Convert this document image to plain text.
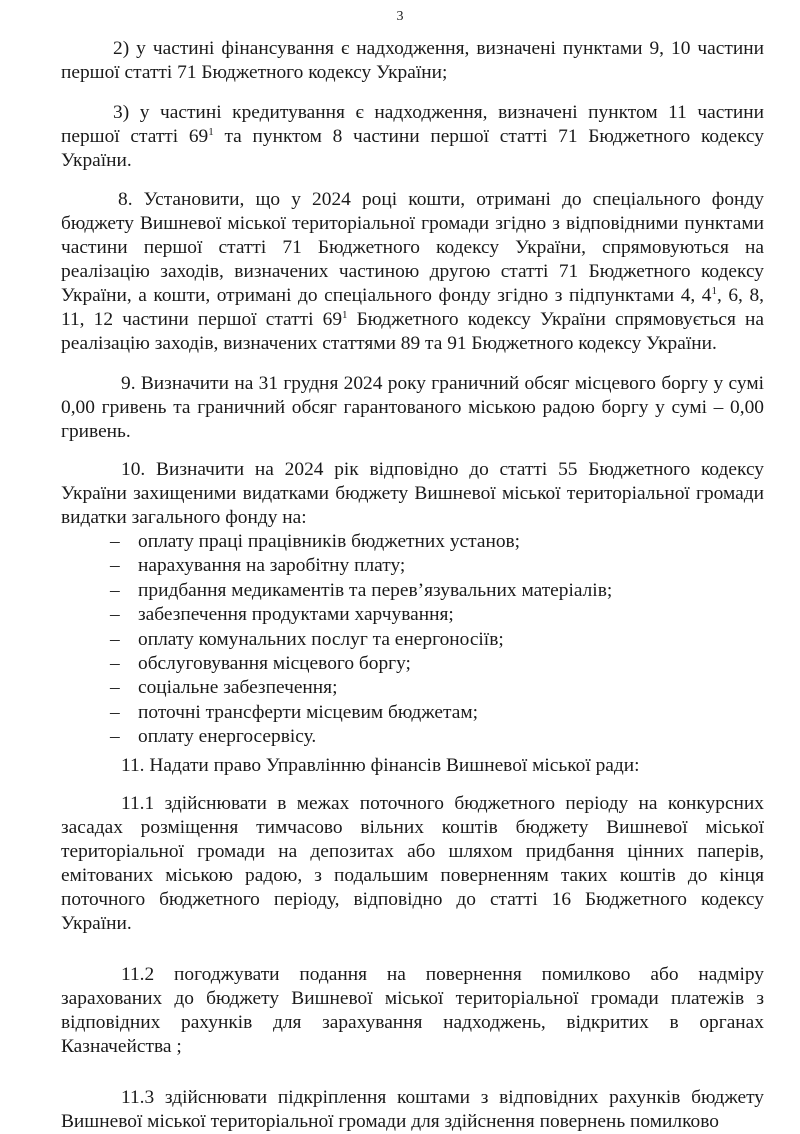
3

2) у частині фінансування є надходження, визначені пунктами 9, 10 частини першої статті 71 Бюджетного кодексу України;

3) у частині кредитування є надходження, визначені пунктом 11 частини першої статті $69^1$ та пунктом 8 частини першої статті 71 Бюджетного кодексу України.

8. Установити, що у 2024 році кошти, отримані до спеціального фонду бюджету Вишневої міської територіальної громади згідно з відповідними пунктами частини першої статті 71 Бюджетного кодексу України, спрямовуються на реалізацію заходів, визначених частиною другою статті 71 Бюджетного кодексу України, а кошти, отримані до спеціального фонду згідно з підпунктами 4, $4^1$, 6, 8, 11, 12 частини першої статті $69^1$ Бюджетного кодексу України спрямовується на реалізацію заходів, визначених статтями 89 та 91 Бюджетного кодексу України.

9. Визначити на 31 грудня 2024 року граничний обсяг місцевого боргу у сумі 0,00 гривень та граничний обсяг гарантованого міською радою боргу у сумі – 0,00 гривень.

10. Визначити на 2024 рік відповідно до статті 55 Бюджетного кодексу України захищеними видатками бюджету Вишневої міської територіальної громади видатки загального фонду на:

– оплату праці працівників бюджетних установ;
– нарахування на заробітну плату;
– придбання медикаментів та перев’язувальних матеріалів;
– забезпечення продуктами харчування;
– оплату комунальних послуг та енергоносіїв;
– обслуговування місцевого боргу;
– соціальне забезпечення;
– поточні трансферти місцевим бюджетам;
– оплату енергосервісу.

11. Надати право Управлінню фінансів Вишневої міської ради:

11.1 здійснювати в межах поточного бюджетного періоду на конкурсних засадах розміщення тимчасово вільних коштів бюджету Вишневої міської територіальної громади на депозитах або шляхом придбання цінних паперів, емітованих міською радою, з подальшим поверненням таких коштів до кінця поточного бюджетного періоду, відповідно до статті 16 Бюджетного кодексу України.

11.2 погоджувати подання на повернення помилково або надміру зарахованих до бюджету Вишневої міської територіальної громади платежів з відповідних рахунків для зарахування надходжень, відкритих в органах Казначейства ;

11.3 здійснювати підкріплення коштами з відповідних рахунків бюджету Вишневої міської територіальної громади для здійснення повернень помилково
